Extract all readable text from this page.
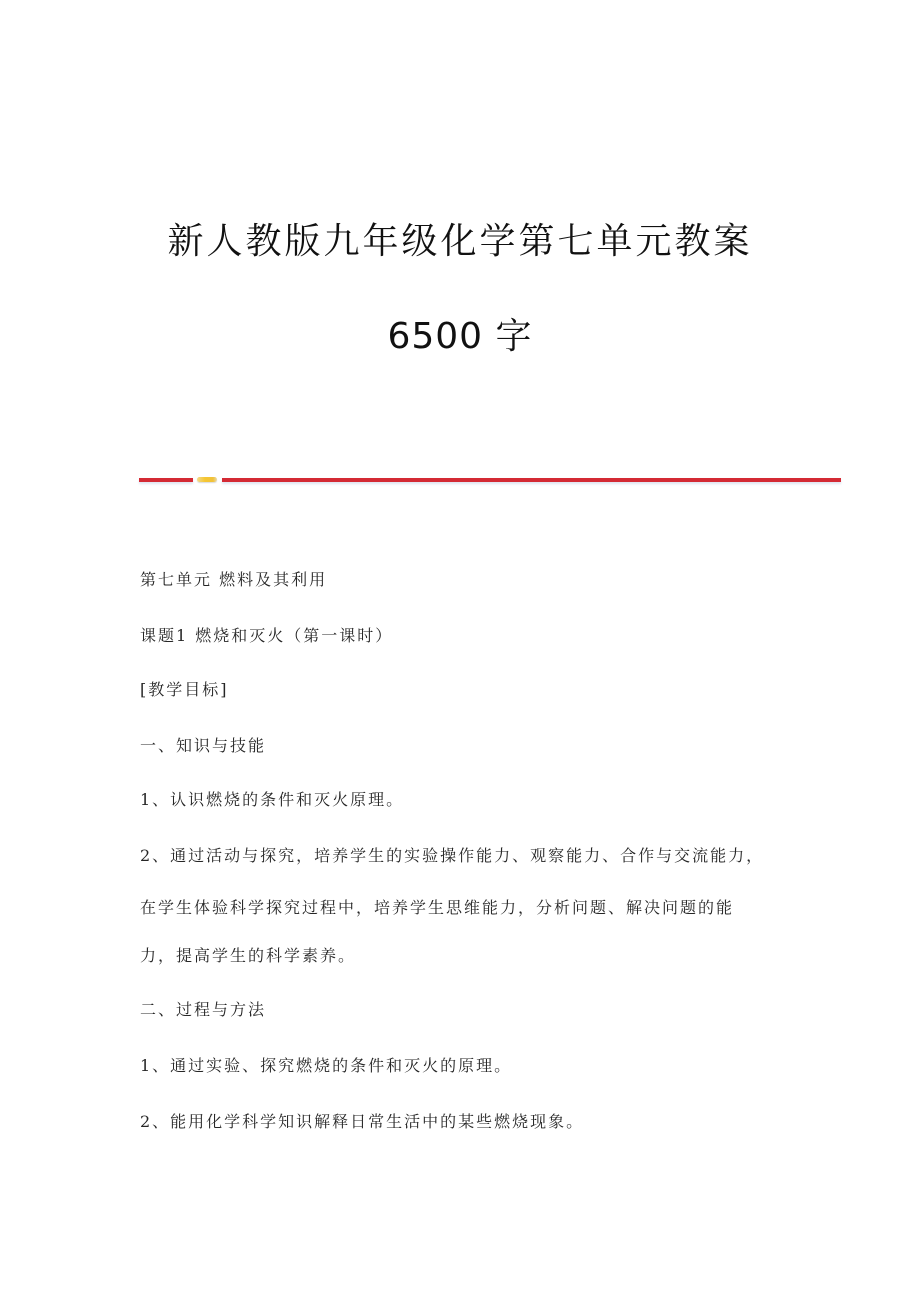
新人教版九年级化学第七单元教案
6500 字

第七单元 燃料及其利用

课题1 燃烧和灭火（第一课时）

[教学目标]

一、知识与技能

1、认识燃烧的条件和灭火原理。

2、通过活动与探究，培养学生的实验操作能力、观察能力、合作与交流能力，

在学生体验科学探究过程中，培养学生思维能力，分析问题、解决问题的能

力，提高学生的科学素养。

二、过程与方法

1、通过实验、探究燃烧的条件和灭火的原理。

2、能用化学科学知识解释日常生活中的某些燃烧现象。
